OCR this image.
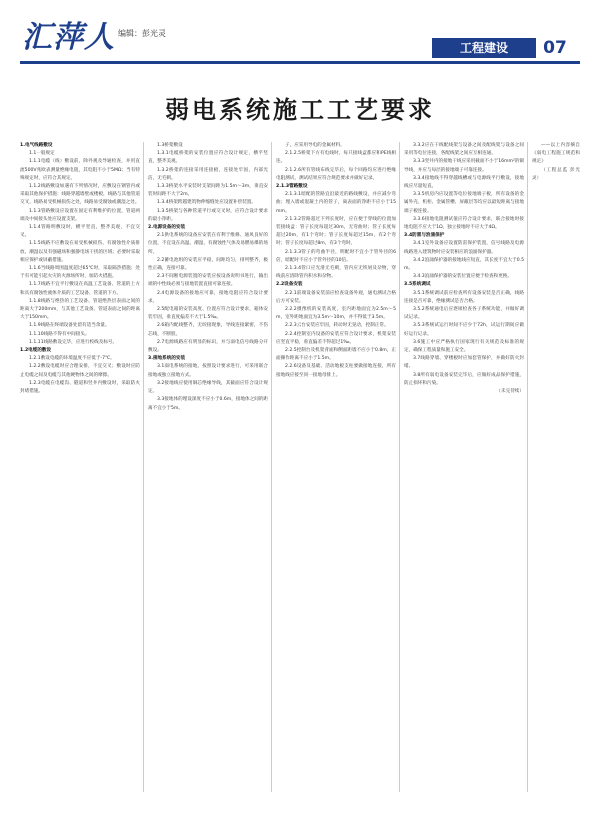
汇萍人 编辑：彭光灵
工程建设	07
弱电系统施工工艺要求

1.电气线路敷设

1.1一般规定

1.1.1电缆（线）敷设前，除外观及导通检查，并用直流500V兆欧表测量绝缘电阻，其电阻不小于5MΩ；当有特殊规定时，应符合其规定。

1.1.2线路敷设如遇有下列情况时，应敷设在钢管内或采取其他保护措施：线路穿越墙壁或楼板，线路与其他管道交叉，线路易受机械损伤之处，线路易受腐蚀或潮湿之处。

1.1.3管路敷设应设置在固定有利维护的位置，管道两端及中间接头处应设置支架。

1.1.4管路明敷设时，横平竖直，整齐美观，不宜交叉。

1.1.5线路不应敷设在易受机械损伤、有腐蚀性介质排放、潮湿以及有强磁场和强静电场干扰的区域；必要时采取相应保护或屏蔽措施。

1.1.6当线路周围温度超过65℃时，采取隔热措施；处于有可能引起火灾的火源场所时，加防火措施。

1.1.7线路不宜平行敷设在高温工艺设备、管道的上方和具有腐蚀性液体介质的工艺设备、管道的下方。

1.1.8线路与绝热的工艺设备、管道绝热层表面之间的距离大于200mm，与其他工艺设备、管道表面之间的距离大于150mm。

1.1.9线路在终端设备处留有适当余量。

1.1.10线路不得有中间接头。

1.1.11线路敷设完毕，应进行校线及标号。

1.2电缆的敷设

1.2.1敷设电缆的环境温度不应低于-7℃。

1.2.2敷设电缆时应合理安排，不宜交叉；敷设时应防止电缆之间及电缆与其他硬物体之间的摩擦。

1.2.3电缆在电缆沟、隧道和竖井内敷设时，采取防火封堵措施。

1.3桥架敷设

1.3.1电缆桥架的安装位置应符合设计规定，横平竖直，整齐美观。

1.3.2桥架的连接采用连接板，连接处牢固，内部光洁，无毛刺。

1.3.3桥架水平安装时支架间距为1.5m～3m，垂直安装时间距不大于2m。

1.3.4桥架跨越建筑物伸缩缝处应设置补偿装置。

1.3.5桥架与各种管道平行或交叉时，应符合设计要求的最小净距。

2.电源设备的安装

2.1供电系统的设备应安装在有利于维修、通风良好的位置，不宜设在高温、潮湿、有腐蚀性气体及易燃易爆的场所。

2.2蓄电池组的安装应平稳，间距均匀，排列整齐，极性正确，连接可靠。

2.3不间断电源装置的安装应按设备说明书进行，输出端的中性线必须与接地装置直接可靠连接。

2.4电源设备的接地应可靠，接地电阻应符合设计要求。

2.5配电箱的安装高度、位置应符合设计要求，箱体安装牢固，垂直度偏差不大于1.5‰。

2.6箱内配线整齐，无绞接现象，导线连接紧密，不伤芯线，不断股。

2.7电源线路应有明显的标识，并与弱电信号线路分开敷设。

3.接地系统的安装

3.1弱电系统的接地，按照设计要求进行，可采用联合接地或独立接地方式。

3.2接地线应使用铜芯绝缘导线，其截面应符合设计规定。

3.3接地体的埋设深度不应小于0.6m，接地体之间的距离不宜小于5m。

子，应采用导电的金属材料。

2.1.2.5桥架下方有电线时，每只接线盒都应和PE线相连。

2.1.2.6所有管线布线完毕后，每个回路均应进行绝缘电阻测试，测试结果应符合规范要求并做好记录。

2.1.3管路敷设

2.1.3.1暗配的管路宜沿最近的路线敷设，并应减少弯曲；埋入墙或混凝土内的管子，离表面的净距不应小于15mm。

2.1.3.2管路超过下列长度时，应在便于穿线的位置加装接线盒：管子长度每超过30m，无弯曲时；管子长度每超过20m，有1个弯时；管子长度每超过15m，有2个弯时；管子长度每超过8m，有3个弯时。

2.1.3.3管子的弯曲半径，明配时不宜小于管外径的6倍，暗配时不应小于管外径的10倍。

2.1.3.4管口应光滑无毛刺，管内应无铁屑及杂物，穿线前应清除管内积水和杂物。

2.2设备安装

2.2.1前端设备安装前应检查设备外观，通电测试合格后方可安装。

2.2.2摄像机的安装高度，室内距地面宜为2.5m～5m，室外距地面宜为3.5m～10m，并不得低于3.5m。

2.2.3云台安装应牢固，转动时无晃动，控制正常。

2.2.4控制室内设备的安装应符合设计要求，机架安装应竖直平稳，垂直偏差不得超过1‰。

2.2.5控制台及机架背面和侧面距墙不应小于0.8m，正面操作距离不应小于1.5m。

2.2.6设备及基础、活动地板支柱要做接地连接，所有接地线应接至同一接地母排上。

3.3.2应在干线配线架与设备之间及配线架与设备之间采用等电位连接，各配线架之间应互相连通。

3.3.3竖井内的接地干线应采用截面不小于16mm²的铜导线，并应与每层的接地端子可靠连接。

3.3.4接地线不得穿越线槽或与电源线平行敷设，接地线应尽量短直。

3.3.5机房内应设置等电位接地端子板，所有设备的金属外壳、机柜、金属管槽、屏蔽层等均应以最短距离与接地端子板连接。

3.3.6接地电阻测试值应符合设计要求，联合接地时接地电阻不应大于1Ω，独立接地时不应大于4Ω。

3.4防雷与浪涌保护

3.4.1室外设备应设置防雷保护装置，信号线路及电源线路进入建筑物时应安装相应的浪涌保护器。

3.4.2浪涌保护器的接地线应短直，其长度不宜大于0.5m。

3.4.3浪涌保护器的安装位置应便于检查和更换。

3.5系统调试

3.5.1系统调试前应检查所有设备安装是否正确，线路连接是否可靠，绝缘测试是否合格。

3.5.2系统通电后应逐项检查各子系统功能，并做好调试记录。

3.5.3系统试运行时间不应少于72h，试运行期间应做好运行记录。

3.6施工中应严格执行国家现行有关规范及标准的规定，确保工程质量和施工安全。

3.7线路穿墙、穿楼板时应加套管保护，并做好防火封堵。

3.8所有弱电设备安装完毕后，应做好成品保护措施，防止损坏和污染。

（未完待续）

——以上内容摘自《弱电工程施工规范和规定》

（工程总监 彭光灵）
